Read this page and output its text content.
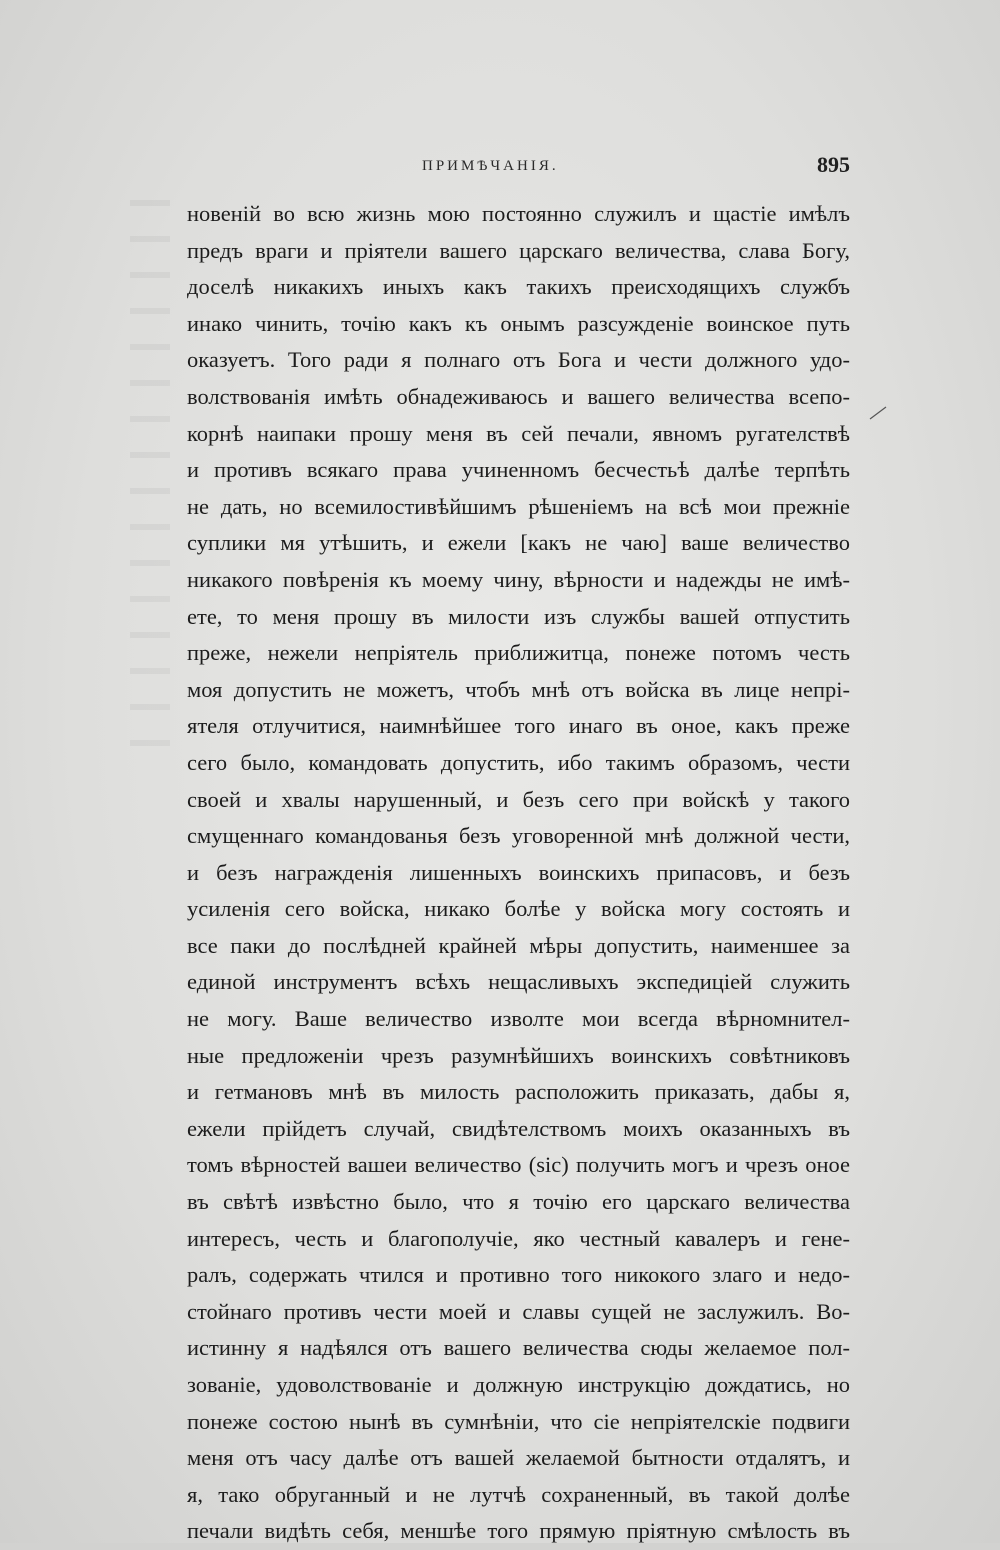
ПРИМѢЧАНІЯ.	895
новенiй во всю жизнь мою постоянно служилъ и щастiе имѣлъ
предъ враги и прiятели вашего царскаго величества, слава Богу,
доселѣ никакихъ иныхъ какъ такихъ преисходящихъ службъ
инако чинить, точiю какъ къ онымъ разсужденiе воинское путь
оказуетъ. Того ради я полнаго отъ Бога и чести должного удо-
волствованiя имѣть обнадеживаюсь и вашего величества всепо-
корнѣ наипаки прошу меня въ сей печали, явномъ ругателствѣ
и противъ всякаго права учиненномъ бесчестьѣ далѣе терпѣть
не дать, но всемилостивѣйшимъ рѣшенiемъ на всѣ мои прежнiе
суплики мя утѣшить, и ежели [какъ не чаю] ваше величество
никакого повѣренiя къ моему чину, вѣрности и надежды не имѣ-
ете, то меня прошу въ милости изъ службы вашей отпустить
преже, нежели непрiятель приближитца, понеже потомъ честь
моя допустить не можетъ, чтобъ мнѣ отъ войска въ лице непрi-
ятеля отлучитися, наимнѣйшее того инаго въ оное, какъ преже
сего было, командовать допустить, ибо такимъ образомъ, чести
своей и хвалы нарушенный, и безъ сего при войскѣ у такого
смущеннаго командованья безъ уговоренной мнѣ должной чести,
и безъ награжденiя лишенныхъ воинскихъ припасовъ, и безъ
усиленiя сего войска, никако болѣе у войска могу состоять и
все паки до послѣдней крайней мѣры допустить, наименшее за
единой инструментъ всѣхъ нещасливыхъ экспедицiей служить
не могу. Ваше величество изволте мои всегда вѣрномнител-
ные предложенiи чрезъ разумнѣйшихъ воинскихъ совѣтниковъ
и гетмановъ мнѣ въ милость расположить приказать, дабы я,
ежели прiйдетъ случай, свидѣтелствомъ моихъ оказанныхъ въ
томъ вѣрностей вашеи величество (sic) получить могъ и чрезъ оное
въ свѣтѣ извѣстно было, что я точiю его царскаго величества
интересъ, честь и благополучiе, яко честный кавалеръ и гене-
ралъ, содержать чтился и противно того никокого злаго и недо-
стойнаго противъ чести моей и славы сущей не заслужилъ. Во-
истинну я надѣялся отъ вашего величества сюды желаемое пол-
зованiе, удоволствованiе и должную инструкцiю дождатись, но
понеже состою нынѣ въ сумнѣнiи, что сiе непрiятелскiе подвиги
меня отъ часу далѣе отъ вашей желаемой бытности отдалятъ, и
я, тако обруганный и не лутчѣ сохраненный, въ такой долѣе
печали видѣть себя, меншѣе того прямую прiятную смѣлость въ
